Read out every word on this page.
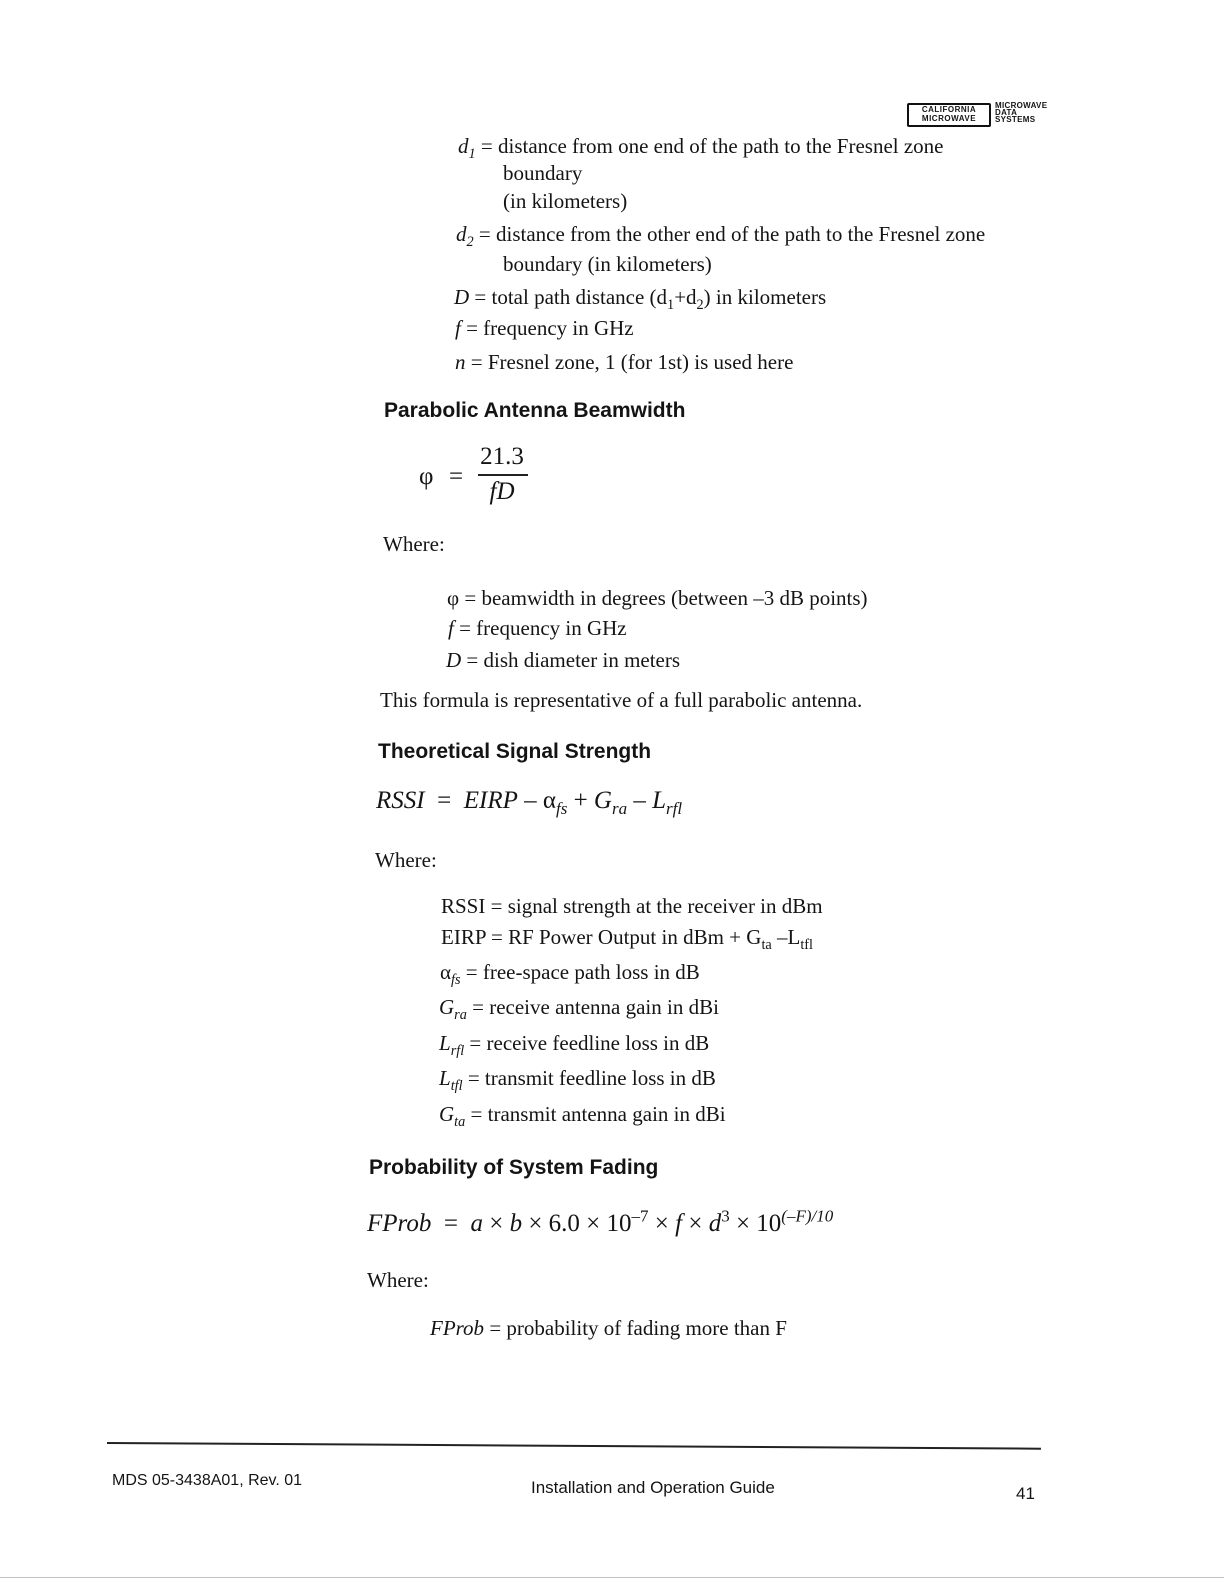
CALIFORNIA
MICROWAVE
MICROWAVE
DATA
SYSTEMS
$d_1$ = distance from one end of the path to the Fresnel zone
boundary
(in kilometers)
$d_2$ = distance from the other end of the path to the Fresnel zone
boundary (in kilometers)
D = total path distance $(d_1+d_2)$ in kilometers
f = frequency in GHz
n = Fresnel zone, 1 (for 1st) is used here
Parabolic Antenna Beamwidth
φ =
21.3
fD
Where:
φ = beamwidth in degrees (between –3 dB points)
f = frequency in GHz
D = dish diameter in meters
This formula is representative of a full parabolic antenna.
Theoretical Signal Strength
RSSI = EIRP – $\alpha_{fs} + G_{ra} - L_{rfl}$
Where:
RSSI = signal strength at the receiver in dBm
EIRP = RF Power Output in dBm + $G_{ta}$ $-L_{tfl}$
$\alpha_{fs}$ = free-space path loss in dB
$G_{ra}$ = receive antenna gain in dBi
$L_{rfl}$ = receive feedline loss in dB
$L_{tfl}$ = transmit feedline loss in dB
$G_{ta}$ = transmit antenna gain in dBi
Probability of System Fading
FProb = $a \times b \times 6.0 \times 10^{-7} \times f \times d^3 \times 10^{(-F)/10}$
Where:
FProb = probability of fading more than F
MDS 05-3438A01, Rev. 01	Installation and Operation Guide	41
